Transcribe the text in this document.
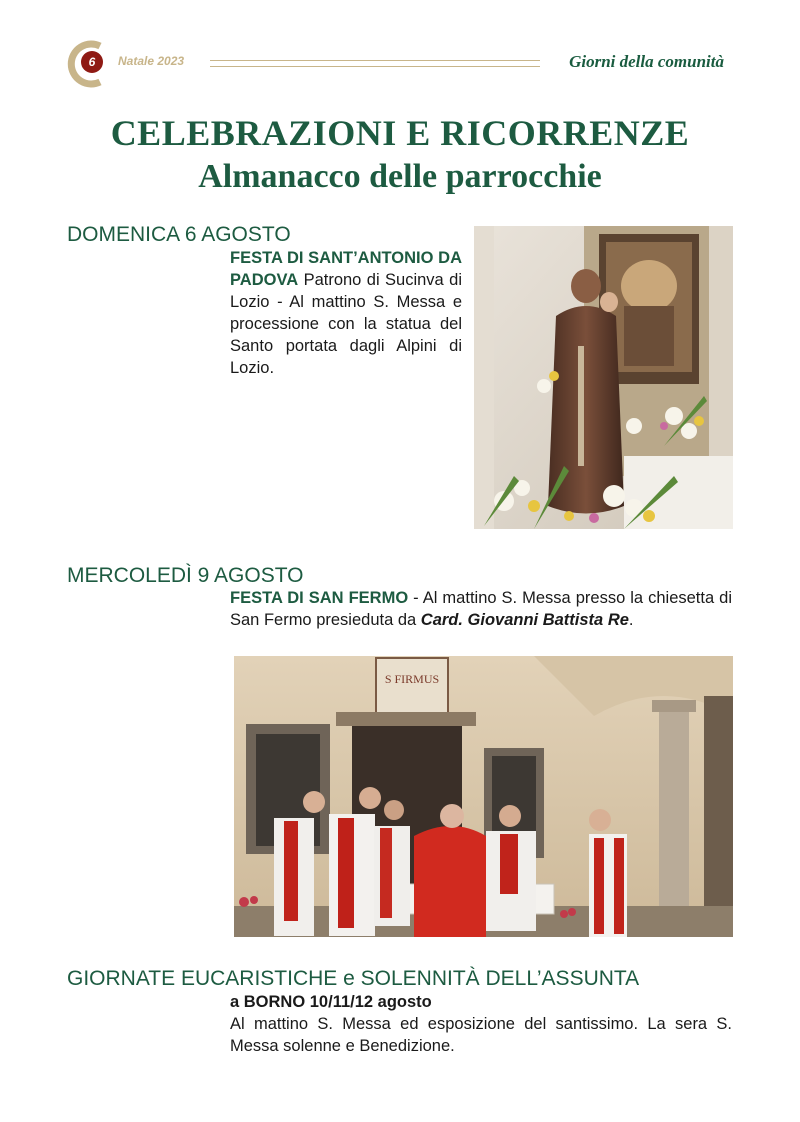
6	Natale 2023	Giorni della comunità
CELEBRAZIONI E RICORRENZE
Almanacco delle parrocchie
DOMENICA 6 AGOSTO
FESTA DI SANT’ANTONIO DA PADOVA Patrono di Sucinva di Lozio - Al mattino S. Messa e processione con la statua del Santo portata dagli Alpini di Lozio.
MERCOLEDÌ 9 AGOSTO
FESTA DI SAN FERMO - Al mattino S. Messa presso la chiesetta di San Fermo presieduta da Card. Giovanni Battista Re.
S FIRMUS
GIORNATE EUCARISTICHE e SOLENNITÀ DELL’ASSUNTA
a BORNO 10/11/12 agosto
Al mattino S. Messa ed esposizione del santissimo. La sera S. Messa solenne e Benedizione.
